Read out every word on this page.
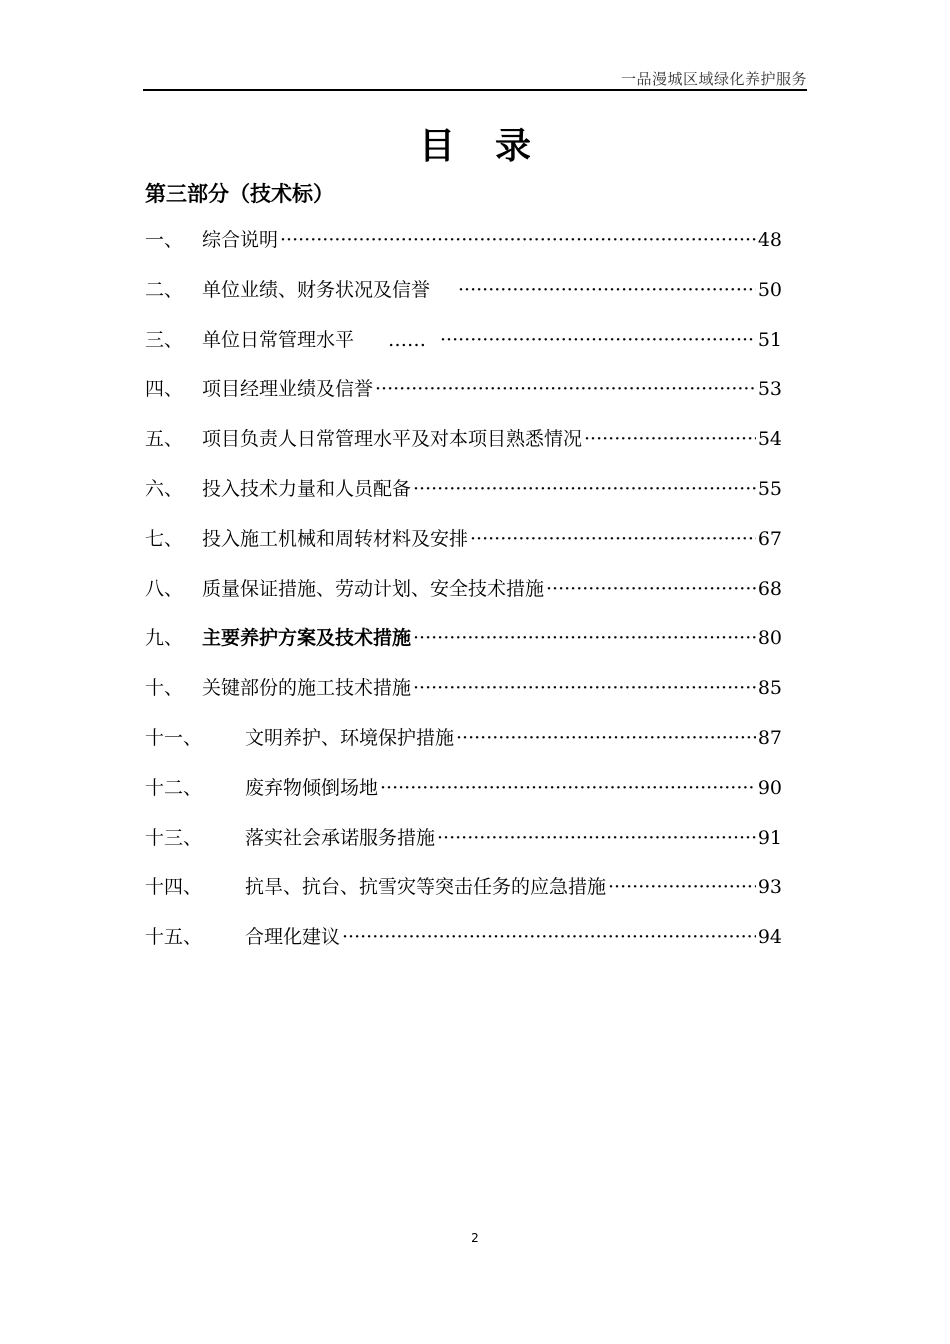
一品漫城区域绿化养护服务
目录
第三部分（技术标）
一、 综合说明 ·····	48
二、 单位业绩、财务状况及信誉 ·····	50
三、 单位日常管理水平 …… ·····	51
四、 项目经理业绩及信誉 ·····	53
五、 项目负责人日常管理水平及对本项目熟悉情况 ·····	54
六、 投入技术力量和人员配备 ·····	55
七、 投入施工机械和周转材料及安排 ·····	67
八、 质量保证措施、劳动计划、安全技术措施 ·····	68
九、 主要养护方案及技术措施 ·····	80
十、 关键部份的施工技术措施 ·····	85
十一、	文明养护、环境保护措施 ·····	87
十二、	废弃物倾倒场地 ·····	90
十三、	落实社会承诺服务措施 ·····	91
十四、	抗旱、抗台、抗雪灾等突击任务的应急措施 ·····	93
十五、	合理化建议 ·····	94
2
